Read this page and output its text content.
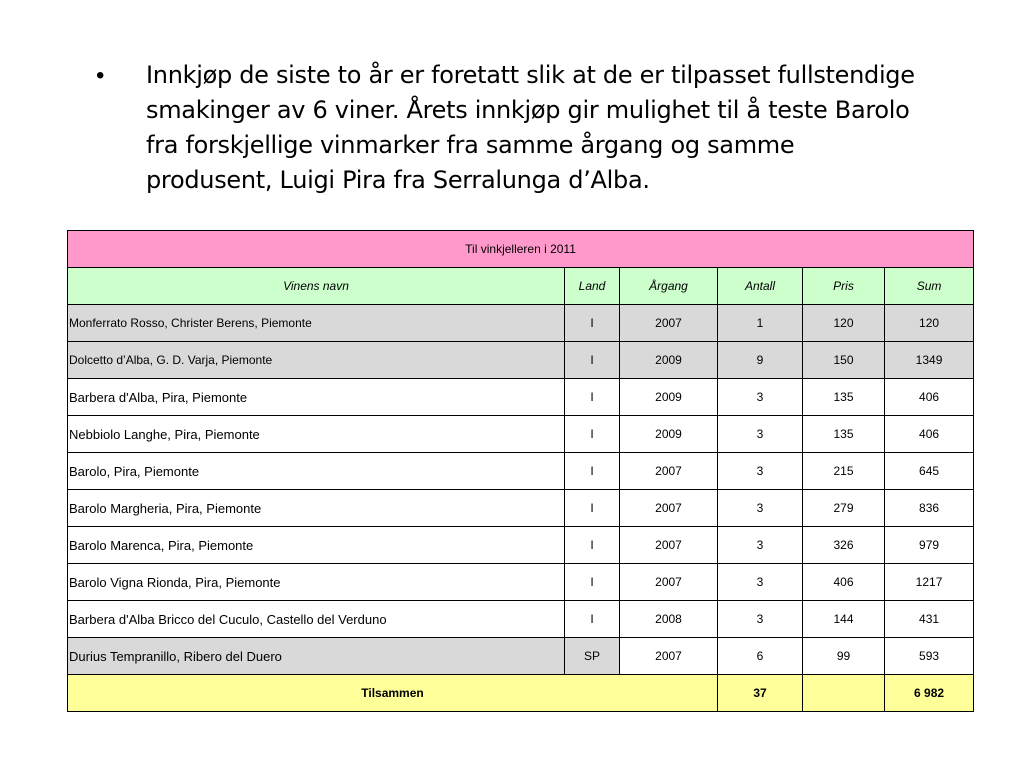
•	Innkjøp de siste to år er foretatt slik at de er tilpasset fullstendige smakinger av 6 viner. Årets innkjøp gir mulighet til å teste Barolo fra forskjellige vinmarker fra samme årgang og samme produsent, Luigi Pira fra Serralunga d’Alba.
Til vinkjelleren i 2011					
Vinens navn	Land	Årgang	Antall	Pris	Sum
Monferrato Rosso, Christer Berens, Piemonte	I	2007	1	120	120
Dolcetto d’Alba, G. D. Varja, Piemonte	I	2009	9	150	1349
Barbera d'Alba, Pira, Piemonte	I	2009	3	135	406
Nebbiolo Langhe, Pira, Piemonte	I	2009	3	135	406
Barolo, Pira, Piemonte	I	2007	3	215	645
Barolo Margheria, Pira, Piemonte	I	2007	3	279	836
Barolo Marenca, Pira, Piemonte	I	2007	3	326	979
Barolo Vigna Rionda, Pira, Piemonte	I	2007	3	406	1217
Barbera d'Alba Bricco del Cuculo, Castello del Verduno	I	2008	3	144	431
Durius Tempranillo, Ribero del Duero	SP	2007	6	99	593
Tilsammen			37		6 982
